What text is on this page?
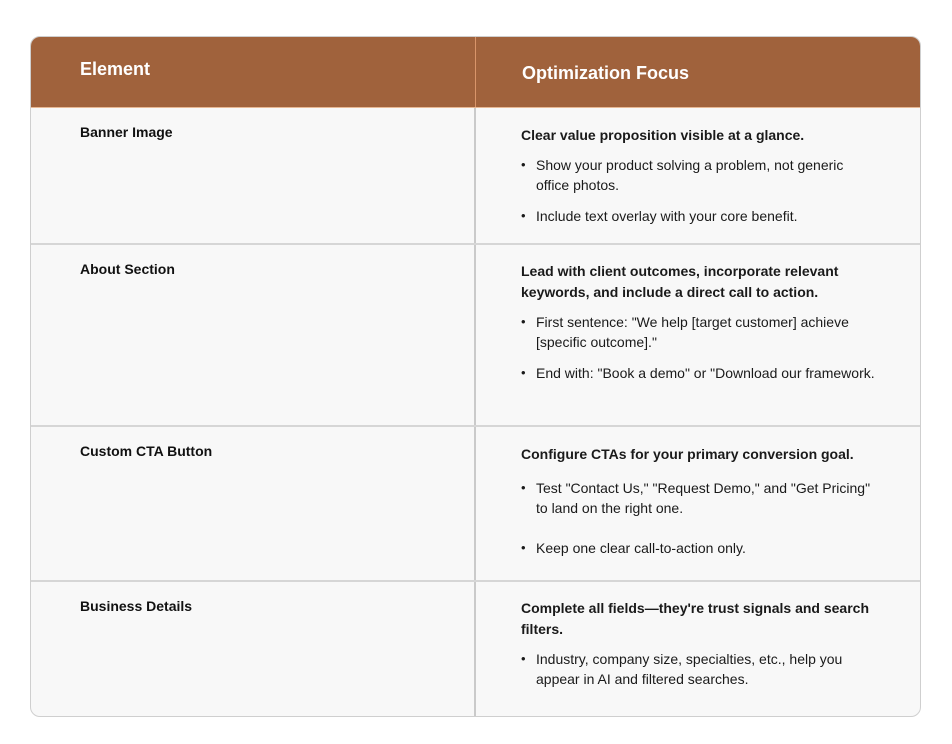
Element	Optimization Focus
Banner Image	Clear value proposition visible at a glance.
• Show your product solving a problem, not generic office photos.
• Include text overlay with your core benefit.
About Section	Lead with client outcomes, incorporate relevant keywords, and include a direct call to action.
• First sentence: "We help [target customer] achieve [specific outcome]."
• End with: "Book a demo" or "Download our framework.
Custom CTA Button	Configure CTAs for your primary conversion goal.
• Test "Contact Us," "Request Demo," and "Get Pricing" to land on the right one.
• Keep one clear call-to-action only.
Business Details	Complete all fields—they're trust signals and search filters.
• Industry, company size, specialties, etc., help you appear in AI and filtered searches.
